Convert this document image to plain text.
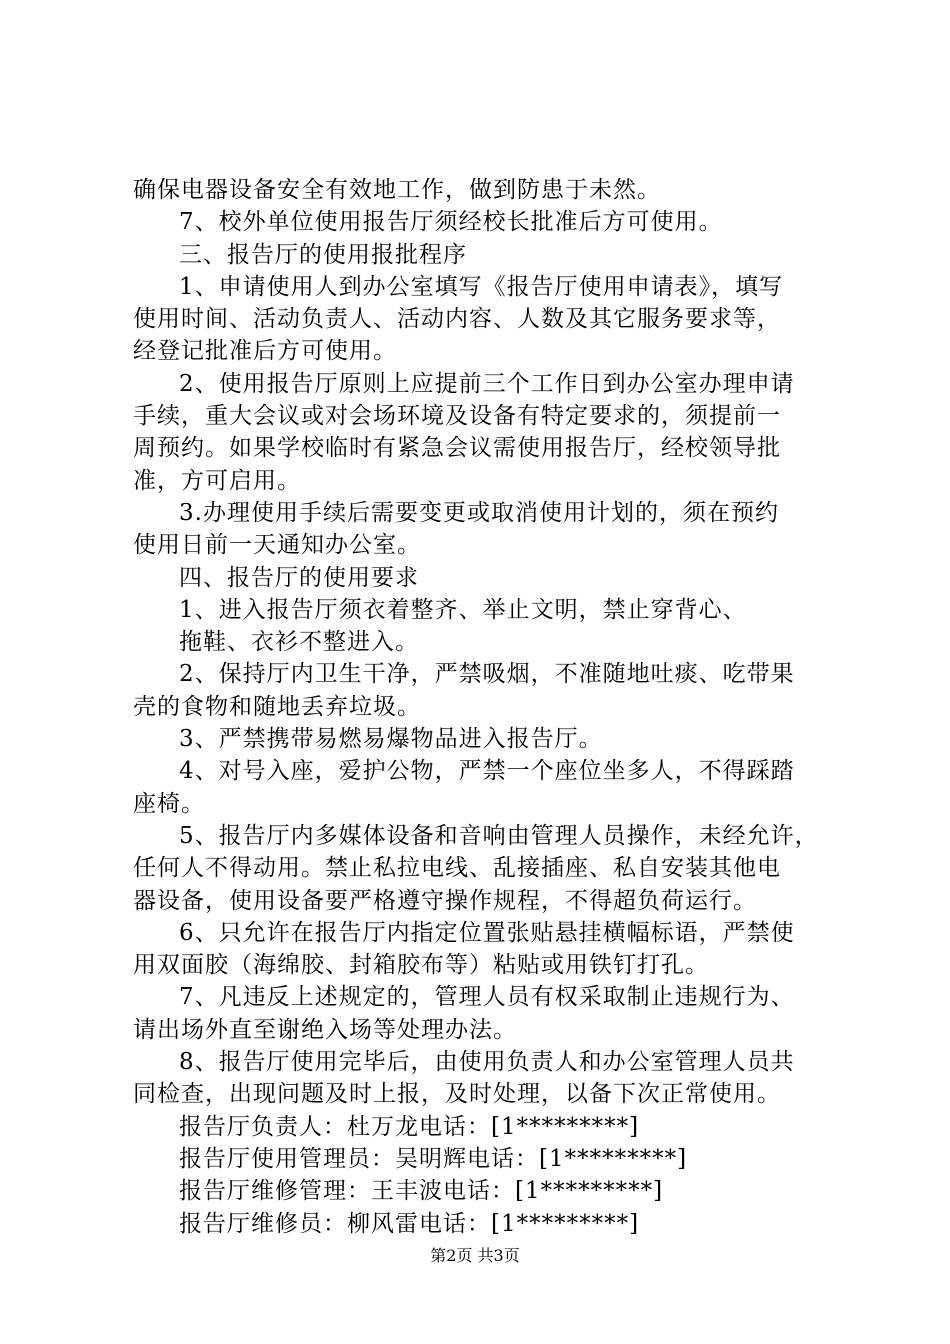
确保电器设备安全有效地工作，做到防患于未然。
7、校外单位使用报告厅须经校长批准后方可使用。
三、报告厅的使用报批程序
1、申请使用人到办公室填写《报告厅使用申请表》，填写
使用时间、活动负责人、活动内容、人数及其它服务要求等，
经登记批准后方可使用。
2、使用报告厅原则上应提前三个工作日到办公室办理申请
手续，重大会议或对会场环境及设备有特定要求的，须提前一
周预约。如果学校临时有紧急会议需使用报告厅，经校领导批
准，方可启用。
3.办理使用手续后需要变更或取消使用计划的，须在预约
使用日前一天通知办公室。
四、报告厅的使用要求
1、进入报告厅须衣着整齐、举止文明，禁止穿背心、
拖鞋、衣衫不整进入。
2、保持厅内卫生干净，严禁吸烟，不准随地吐痰、吃带果
壳的食物和随地丢弃垃圾。
3、严禁携带易燃易爆物品进入报告厅。
4、对号入座，爱护公物，严禁一个座位坐多人，不得踩踏
座椅。
5、报告厅内多媒体设备和音响由管理人员操作，未经允许，
任何人不得动用。禁止私拉电线、乱接插座、私自安装其他电
器设备，使用设备要严格遵守操作规程，不得超负荷运行。
6、只允许在报告厅内指定位置张贴悬挂横幅标语，严禁使
用双面胶（海绵胶、封箱胶布等）粘贴或用铁钉打孔。
7、凡违反上述规定的，管理人员有权采取制止违规行为、
请出场外直至谢绝入场等处理办法。
8、报告厅使用完毕后，由使用负责人和办公室管理人员共
同检查，出现问题及时上报，及时处理，以备下次正常使用。
报告厅负责人：杜万龙电话：[1*********]
报告厅使用管理员：吴明辉电话：[1*********]
报告厅维修管理：王丰波电话：[1*********]
报告厅维修员：柳风雷电话：[1*********]
第2页 共3页
